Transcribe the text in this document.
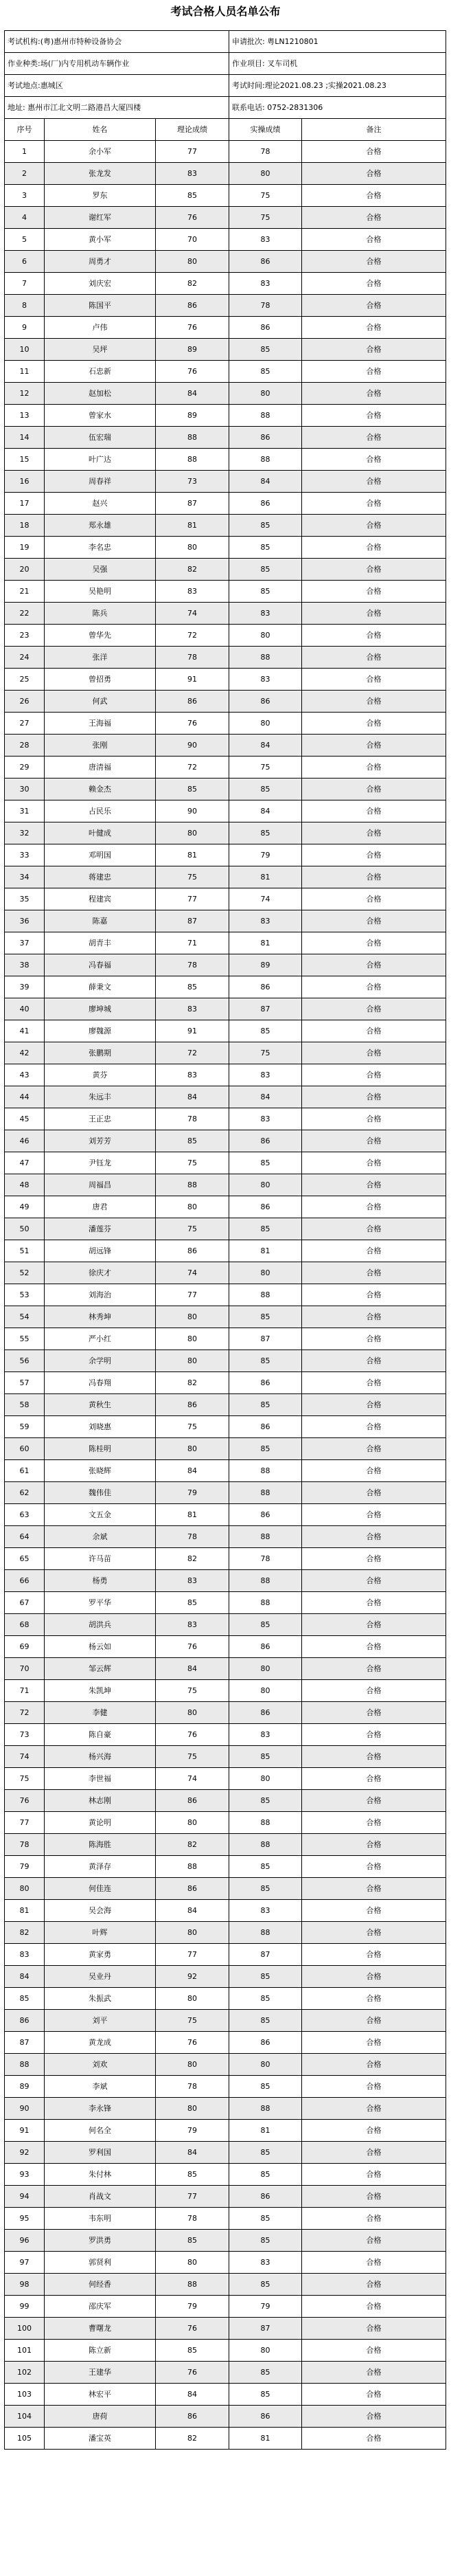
考试合格人员名单公布
考试机构:(粤)惠州市特种设备协会			申请批次: 粤LN1210801	
作业种类:场(厂)内专用机动车辆作业			作业项目: 叉车司机	
考试地点:惠城区			考试时间:理论2021.08.23 ;实操2021.08.23	
地址: 惠州市江北文明二路港昌大厦四楼			联系电话: 0752-2831306	
序号	姓名	理论成绩	实操成绩	备注
1	余小军	77	78	合格
2	张龙发	83	80	合格
3	罗东	85	75	合格
4	谢红军	76	75	合格
5	黄小军	70	83	合格
6	周勇才	80	86	合格
7	刘庆宏	82	83	合格
8	陈国平	86	78	合格
9	卢伟	76	86	合格
10	吴坪	89	85	合格
11	石忠新	76	85	合格
12	赵加松	84	80	合格
13	曾家水	89	88	合格
14	伍宏瑞	88	86	合格
15	叶广达	88	88	合格
16	周春祥	73	84	合格
17	赵兴	87	86	合格
18	郑永雄	81	85	合格
19	李名忠	80	85	合格
20	吴强	82	85	合格
21	吴艳明	83	85	合格
22	陈兵	74	83	合格
23	曾华先	72	80	合格
24	张洋	78	88	合格
25	曾招勇	91	83	合格
26	何武	86	86	合格
27	王海福	76	80	合格
28	张刚	90	84	合格
29	唐清福	72	75	合格
30	赖金杰	85	85	合格
31	占民乐	90	84	合格
32	叶健成	80	85	合格
33	邓明国	81	79	合格
34	蒋建忠	75	81	合格
35	程建宾	77	74	合格
36	陈嘉	87	83	合格
37	胡青丰	71	81	合格
38	冯春福	78	89	合格
39	薛秉文	85	86	合格
40	廖坤城	83	87	合格
41	廖魏源	91	85	合格
42	张鹏期	72	75	合格
43	黄芬	83	83	合格
44	朱远丰	84	84	合格
45	王正忠	78	83	合格
46	刘芳芳	85	86	合格
47	尹钰龙	75	85	合格
48	周福昌	88	80	合格
49	唐君	80	86	合格
50	潘莲芬	75	85	合格
51	胡远锋	86	81	合格
52	徐庆才	74	80	合格
53	刘海治	77	88	合格
54	林秀坤	80	85	合格
55	严小红	80	87	合格
56	余学明	80	85	合格
57	冯春翔	82	86	合格
58	黄秋生	86	85	合格
59	刘晓惠	75	86	合格
60	陈桂明	80	85	合格
61	张晓辉	84	88	合格
62	魏伟佳	79	88	合格
63	文五金	81	86	合格
64	余斌	78	88	合格
65	许马苗	82	78	合格
66	杨勇	83	88	合格
67	罗平华	85	88	合格
68	胡洪兵	83	85	合格
69	杨云如	76	86	合格
70	邹云辉	84	80	合格
71	朱凯坤	75	80	合格
72	李健	80	86	合格
73	陈自豪	76	83	合格
74	杨兴海	75	85	合格
75	李世福	74	80	合格
76	林志刚	86	85	合格
77	黄论明	80	88	合格
78	陈海胜	82	88	合格
79	黄泽存	88	85	合格
80	何佳连	86	85	合格
81	吴会海	84	83	合格
82	叶辉	80	88	合格
83	黄家勇	77	87	合格
84	吴业丹	92	85	合格
85	朱振武	80	85	合格
86	刘平	75	85	合格
87	黄龙成	76	86	合格
88	刘欢	80	80	合格
89	李斌	78	85	合格
90	李永锋	80	88	合格
91	何名全	79	81	合格
92	罗利国	84	85	合格
93	朱付林	85	85	合格
94	肖战文	77	86	合格
95	韦东明	78	85	合格
96	罗洪勇	85	85	合格
97	郭贤利	80	83	合格
98	何经香	88	85	合格
99	邵庆军	79	79	合格
100	曹曙龙	76	87	合格
101	陈立新	85	80	合格
102	王建华	76	85	合格
103	林宏平	84	85	合格
104	唐荷	86	86	合格
105	潘宝英	82	81	合格
